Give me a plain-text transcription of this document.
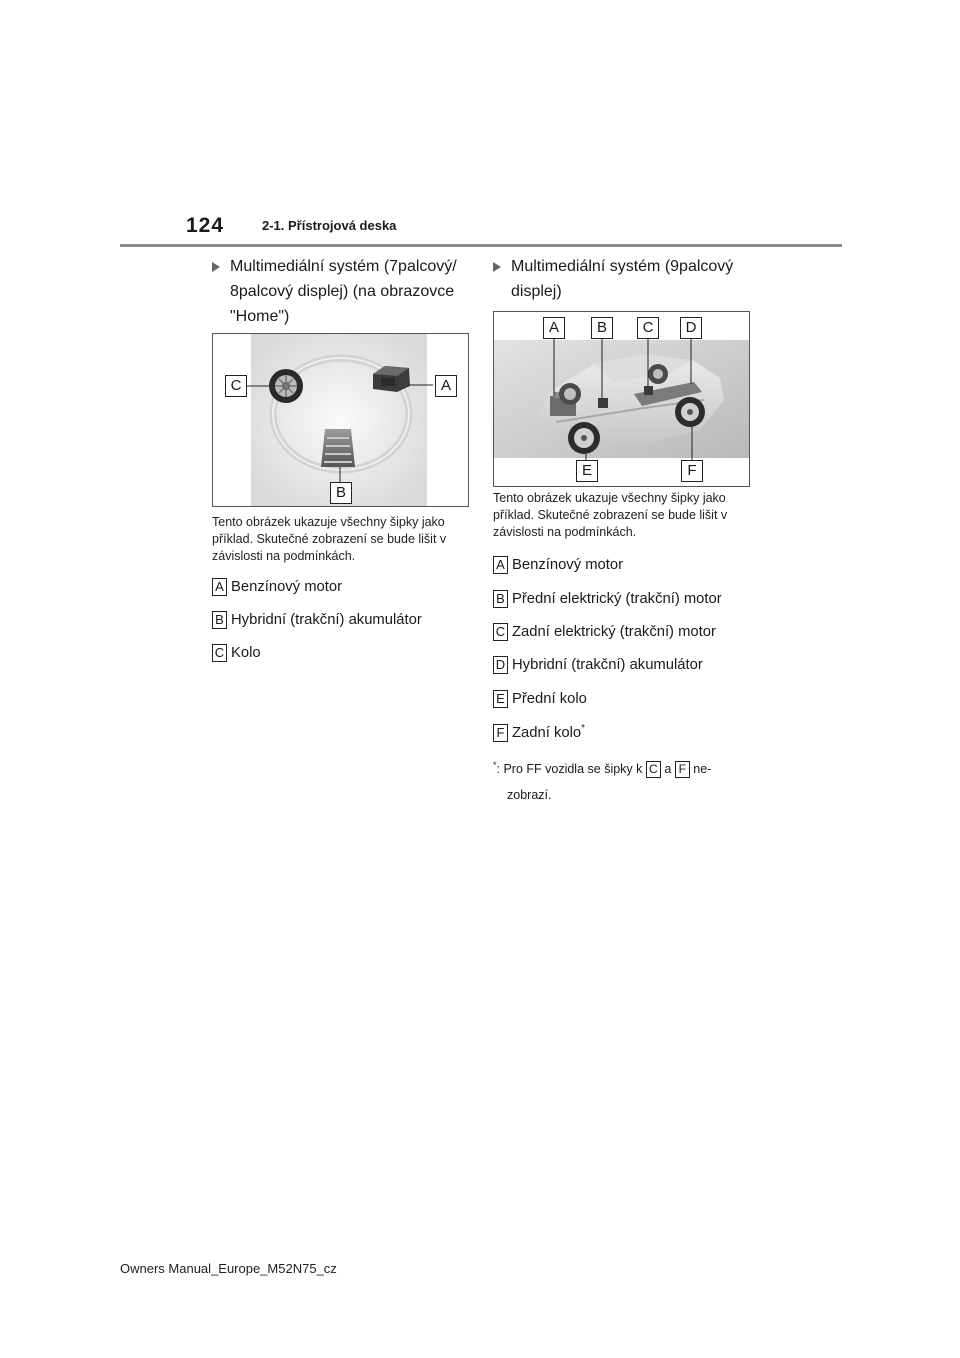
124	2-1. Přístrojová deska
Multimediální systém (7palcový/ 8palcový displej) (na obrazovce "Home")
C	A
B
Tento obrázek ukazuje všechny šipky jako příklad. Skutečné zobrazení se bude lišit v závislosti na podmínkách.
A Benzínový motor
B Hybridní (trakční) akumulátor
C Kolo
Multimediální systém (9palcový displej)
A	B	C	D
E	F
Tento obrázek ukazuje všechny šipky jako příklad. Skutečné zobrazení se bude lišit v závislosti na podmínkách.
A Benzínový motor
B Přední elektrický (trakční) motor
C Zadní elektrický (trakční) motor
D Hybridní (trakční) akumulátor
E Přední kolo
F Zadní kolo*
*: Pro FF vozidla se šipky k C a F ne-
zobrazí.
Owners Manual_Europe_M52N75_cz
